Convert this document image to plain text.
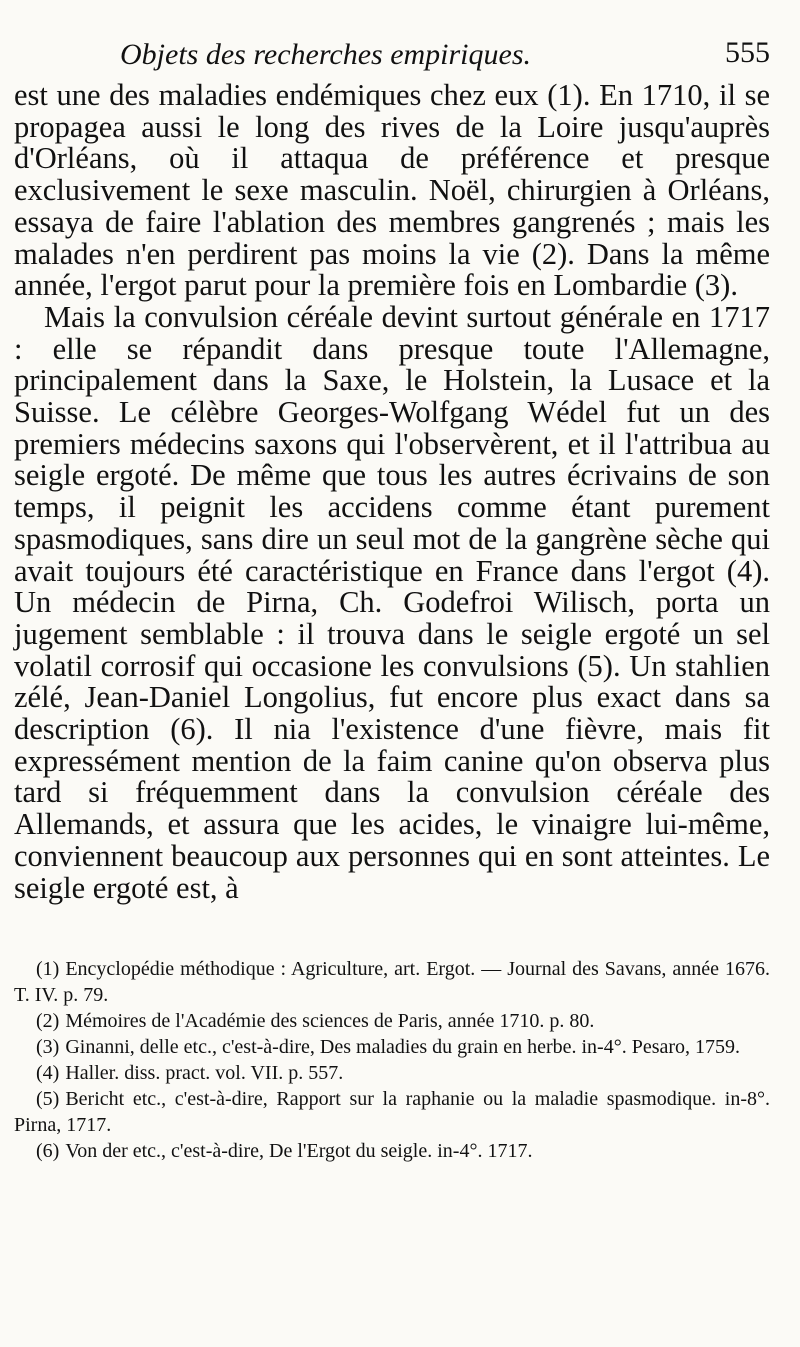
Objets des recherches empiriques.	555

est une des maladies endémiques chez eux (1). En 1710, il se propagea aussi le long des rives de la Loire jusqu'auprès d'Orléans, où il attaqua de préférence et presque exclusivement le sexe masculin. Noël, chirurgien à Orléans, essaya de faire l'ablation des membres gangrenés ; mais les malades n'en perdirent pas moins la vie (2). Dans la même année, l'ergot parut pour la première fois en Lombardie (3).

Mais la convulsion céréale devint surtout générale en 1717 : elle se répandit dans presque toute l'Allemagne, principalement dans la Saxe, le Holstein, la Lusace et la Suisse. Le célèbre Georges-Wolfgang Wédel fut un des premiers médecins saxons qui l'observèrent, et il l'attribua au seigle ergoté. De même que tous les autres écrivains de son temps, il peignit les accidens comme étant purement spasmodiques, sans dire un seul mot de la gangrène sèche qui avait toujours été caractéristique en France dans l'ergot (4). Un médecin de Pirna, Ch. Godefroi Wilisch, porta un jugement semblable : il trouva dans le seigle ergoté un sel volatil corrosif qui occasione les convulsions (5). Un stahlien zélé, Jean-Daniel Longolius, fut encore plus exact dans sa description (6). Il nia l'existence d'une fièvre, mais fit expressément mention de la faim canine qu'on observa plus tard si fréquemment dans la convulsion céréale des Allemands, et assura que les acides, le vinaigre lui-même, conviennent beaucoup aux personnes qui en sont atteintes. Le seigle ergoté est, à

(1) Encyclopédie méthodique : Agriculture, art. Ergot. — Journal des Savans, année 1676. T. IV. p. 79.

(2) Mémoires de l'Académie des sciences de Paris, année 1710. p. 80.

(3) Ginanni, delle etc., c'est-à-dire, Des maladies du grain en herbe. in-4°. Pesaro, 1759.

(4) Haller. diss. pract. vol. VII. p. 557.

(5) Bericht etc., c'est-à-dire, Rapport sur la raphanie ou la maladie spasmodique. in-8°. Pirna, 1717.

(6) Von der etc., c'est-à-dire, De l'Ergot du seigle. in-4°. 1717.
